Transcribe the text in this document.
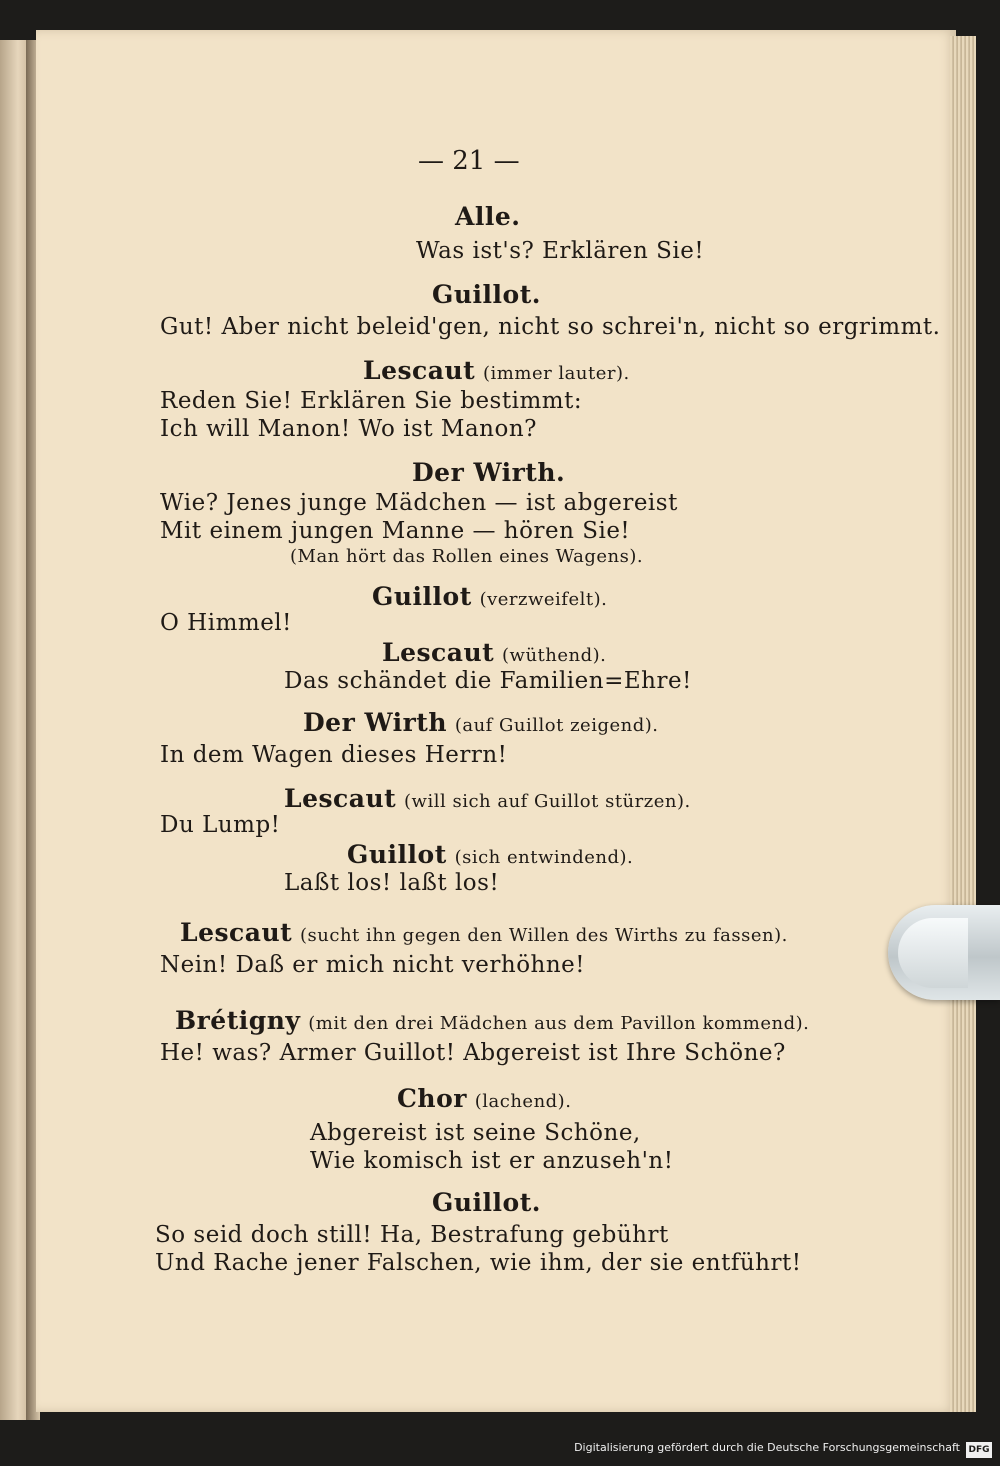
— 21 —
Alle.
Was ist's? Erklären Sie!
Guillot.
Gut! Aber nicht beleid'gen, nicht so schrei'n, nicht so ergrimmt.
Lescaut (immer lauter).
Reden Sie! Erklären Sie bestimmt:
Ich will Manon! Wo ist Manon?
Der Wirth.
Wie? Jenes junge Mädchen — ist abgereist
Mit einem jungen Manne — hören Sie!
(Man hört das Rollen eines Wagens).
Guillot (verzweifelt).
O Himmel!
Lescaut (wüthend).
Das schändet die Familien=Ehre!
Der Wirth (auf Guillot zeigend).
In dem Wagen dieses Herrn!
Lescaut (will sich auf Guillot stürzen).
Du Lump!
Guillot (sich entwindend).
Laßt los! laßt los!
Lescaut (sucht ihn gegen den Willen des Wirths zu fassen).
Nein! Daß er mich nicht verhöhne!
Brétigny (mit den drei Mädchen aus dem Pavillon kommend).
He! was? Armer Guillot! Abgereist ist Ihre Schöne?
Chor (lachend).
Abgereist ist seine Schöne,
Wie komisch ist er anzuseh'n!
Guillot.
So seid doch still! Ha, Bestrafung gebührt
Und Rache jener Falschen, wie ihm, der sie entführt!
Digitalisierung gefördert durch die Deutsche Forschungsgemeinschaft DFG
